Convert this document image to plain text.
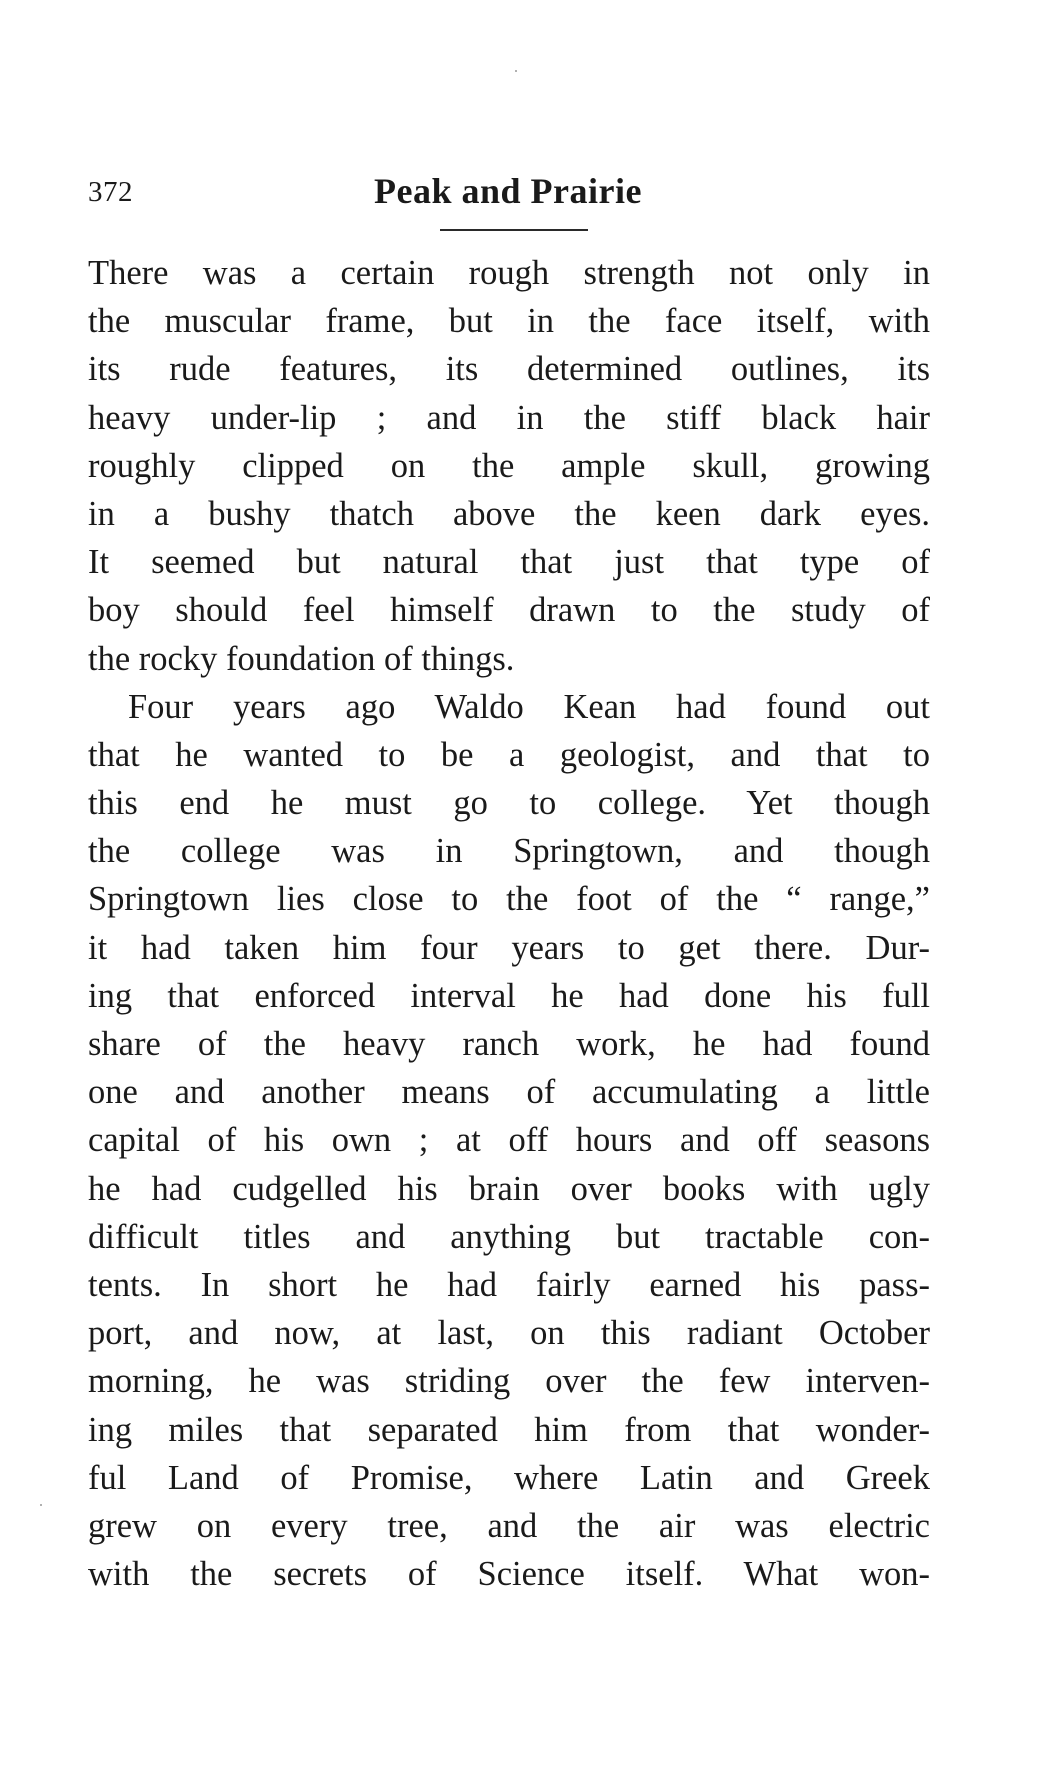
372	Peak and Prairie
There was a certain rough strength not only in
the muscular frame, but in the face itself, with
its rude features, its determined outlines, its
heavy under-lip ; and in the stiff black hair
roughly clipped on the ample skull, growing
in a bushy thatch above the keen dark eyes.
It seemed but natural that just that type of
boy should feel himself drawn to the study of
the rocky foundation of things.
Four years ago Waldo Kean had found out
that he wanted to be a geologist, and that to
this end he must go to college. Yet though
the college was in Springtown, and though
Springtown lies close to the foot of the “ range,”
it had taken him four years to get there. Dur-
ing that enforced interval he had done his full
share of the heavy ranch work, he had found
one and another means of accumulating a little
capital of his own ; at off hours and off seasons
he had cudgelled his brain over books with ugly
difficult titles and anything but tractable con-
tents. In short he had fairly earned his pass-
port, and now, at last, on this radiant October
morning, he was striding over the few interven-
ing miles that separated him from that wonder-
ful Land of Promise, where Latin and Greek
grew on every tree, and the air was electric
with the secrets of Science itself. What won-
